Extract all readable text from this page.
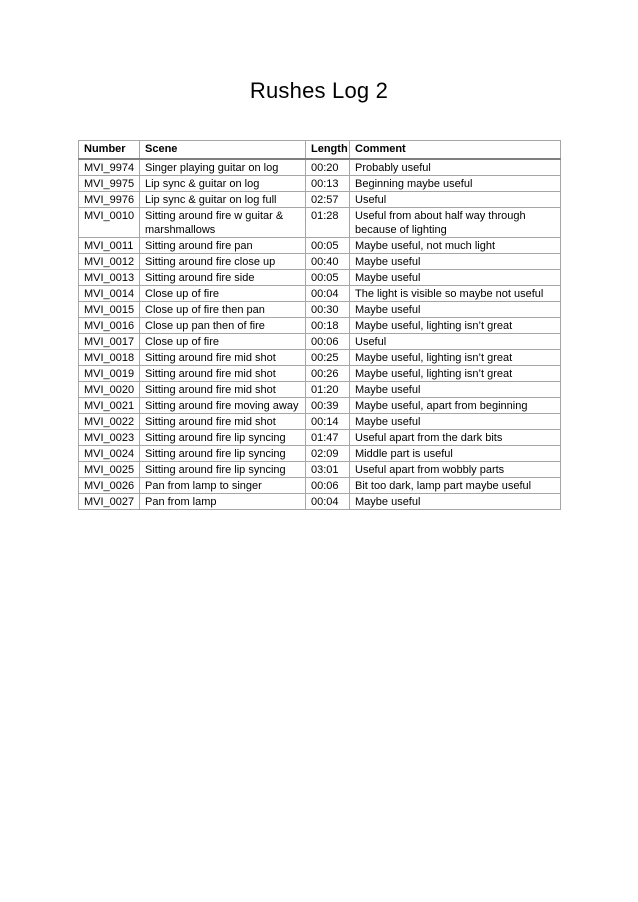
Rushes Log 2
Number	Scene	Length	Comment
MVI_9974	Singer playing guitar on log	00:20	Probably useful
MVI_9975	Lip sync & guitar on log	00:13	Beginning maybe useful
MVI_9976	Lip sync & guitar on log full	02:57	Useful
MVI_0010	Sitting around fire w guitar & marshmallows	01:28	Useful from about half way through because of lighting
MVI_0011	Sitting around fire pan	00:05	Maybe useful, not much light
MVI_0012	Sitting around fire close up	00:40	Maybe useful
MVI_0013	Sitting around fire side	00:05	Maybe useful
MVI_0014	Close up of fire	00:04	The light is visible so maybe not useful
MVI_0015	Close up of fire then pan	00:30	Maybe useful
MVI_0016	Close up pan then of fire	00:18	Maybe useful, lighting isn’t great
MVI_0017	Close up of fire	00:06	Useful
MVI_0018	Sitting around fire mid shot	00:25	Maybe useful, lighting isn’t great
MVI_0019	Sitting around fire mid shot	00:26	Maybe useful, lighting isn’t great
MVI_0020	Sitting around fire mid shot	01:20	Maybe useful
MVI_0021	Sitting around fire moving away	00:39	Maybe useful, apart from beginning
MVI_0022	Sitting around fire mid shot	00:14	Maybe useful
MVI_0023	Sitting around fire lip syncing	01:47	Useful apart from the dark bits
MVI_0024	Sitting around fire lip syncing	02:09	Middle part is useful
MVI_0025	Sitting around fire lip syncing	03:01	Useful apart from wobbly parts
MVI_0026	Pan from lamp to singer	00:06	Bit too dark, lamp part maybe useful
MVI_0027	Pan from lamp	00:04	Maybe useful
